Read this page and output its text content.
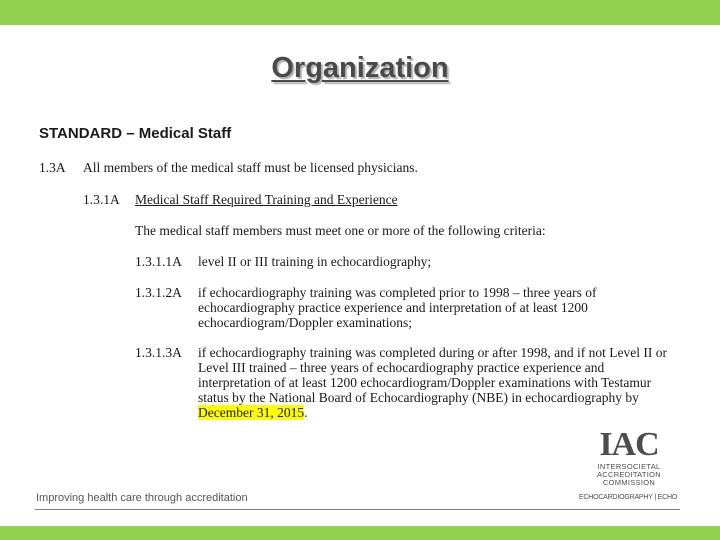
Organization
STANDARD – Medical Staff
1.3A All members of the medical staff must be licensed physicians.
1.3.1A Medical Staff Required Training and Experience
The medical staff members must meet one or more of the following criteria:
1.3.1.1A level II or III training in echocardiography;
1.3.1.2A if echocardiography training was completed prior to 1998 – three years of echocardiography practice experience and interpretation of at least 1200 echocardiogram/Doppler examinations;
1.3.1.3A if echocardiography training was completed during or after 1998, and if not Level II or Level III trained – three years of echocardiography practice experience and interpretation of at least 1200 echocardiogram/Doppler examinations with Testamur status by the National Board of Echocardiography (NBE) in echocardiography by December 31, 2015.
IAC
INTERSOCIETAL
ACCREDITATION
COMMISSION
ECHOCARDIOGRAPHY | ECHO
Improving health care through accreditation
